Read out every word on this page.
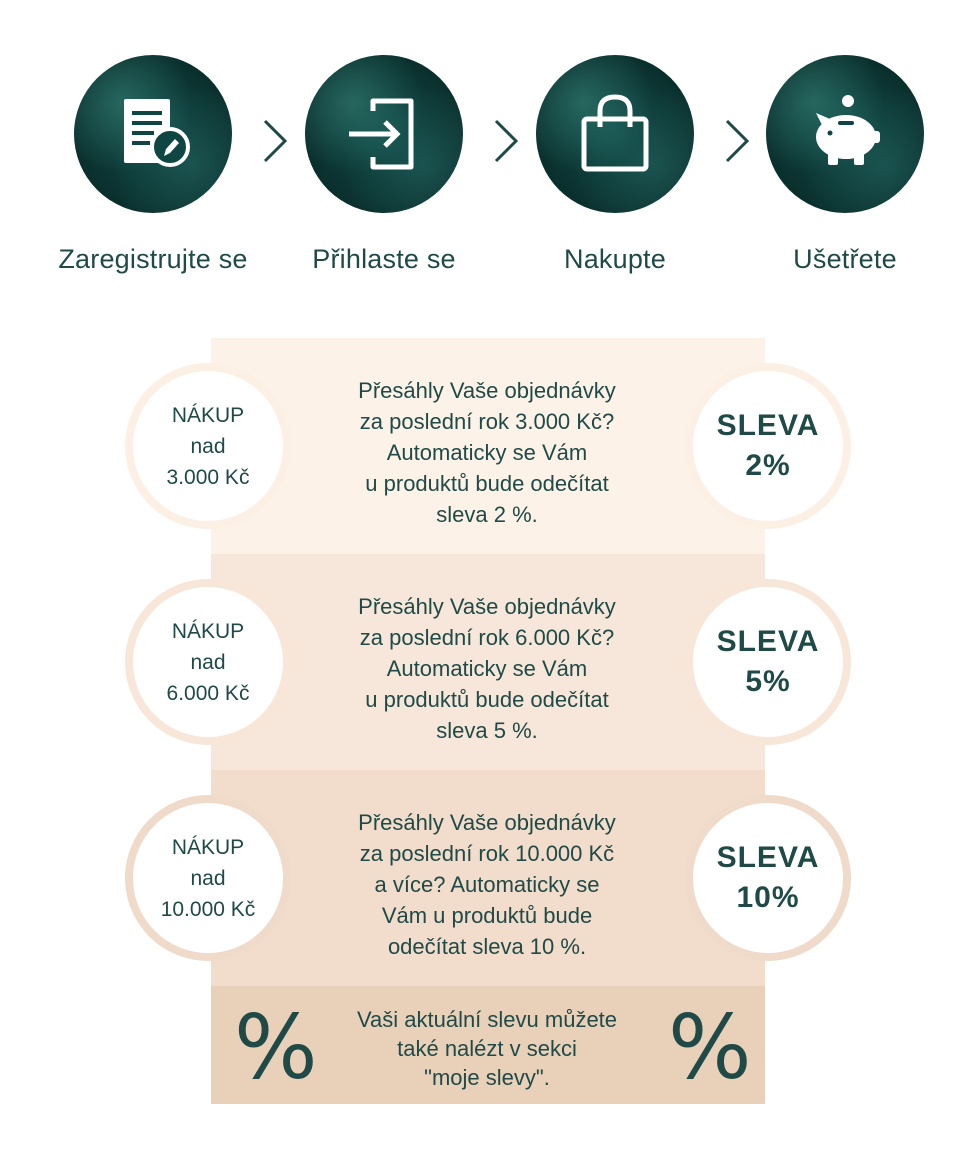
Zaregistrujte se	Přihlaste se	Nakupte	Ušetřete
NÁKUP
nad
3.000 Kč
Přesáhly Vaše objednávky
za poslední rok 3.000 Kč?
Automaticky se Vám
u produktů bude odečítat
sleva 2 %.
SLEVA
2%
NÁKUP
nad
6.000 Kč
Přesáhly Vaše objednávky
za poslední rok 6.000 Kč?
Automaticky se Vám
u produktů bude odečítat
sleva 5 %.
SLEVA
5%
NÁKUP
nad
10.000 Kč
Přesáhly Vaše objednávky
za poslední rok 10.000 Kč
a více? Automaticky se
Vám u produktů bude
odečítat sleva 10 %.
SLEVA
10%
%	Vaši aktuální slevu můžete
také nalézt v sekci
"moje slevy".	%
